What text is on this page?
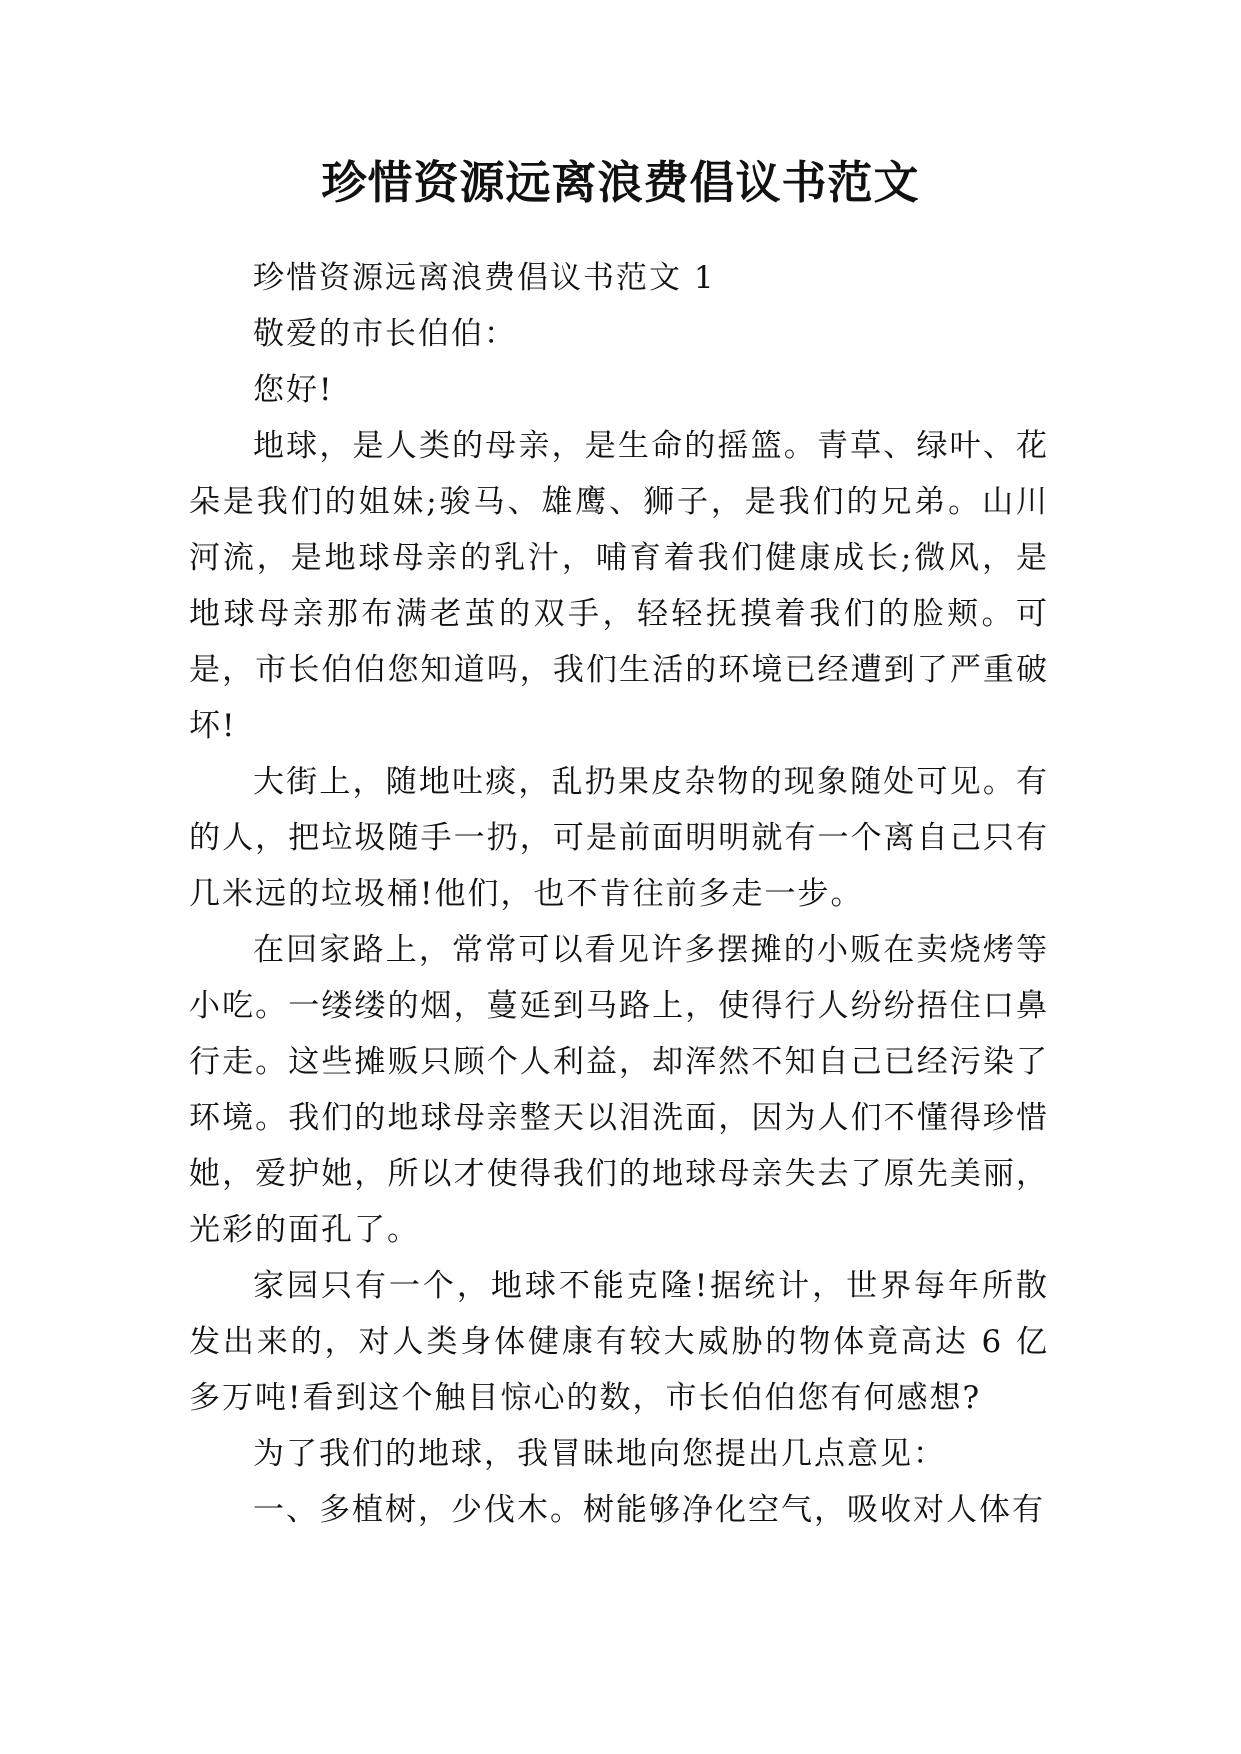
珍惜资源远离浪费倡议书范文

珍惜资源远离浪费倡议书范文 1

敬爱的市长伯伯：

您好!

地球，是人类的母亲，是生命的摇篮。青草、绿叶、花朵是我们的姐妹;骏马、雄鹰、狮子，是我们的兄弟。山川河流，是地球母亲的乳汁，哺育着我们健康成长;微风，是地球母亲那布满老茧的双手，轻轻抚摸着我们的脸颊。可是，市长伯伯您知道吗，我们生活的环境已经遭到了严重破坏!

大街上，随地吐痰，乱扔果皮杂物的现象随处可见。有的人，把垃圾随手一扔，可是前面明明就有一个离自己只有几米远的垃圾桶!他们，也不肯往前多走一步。

在回家路上，常常可以看见许多摆摊的小贩在卖烧烤等小吃。一缕缕的烟，蔓延到马路上，使得行人纷纷捂住口鼻行走。这些摊贩只顾个人利益，却浑然不知自己已经污染了环境。我们的地球母亲整天以泪洗面，因为人们不懂得珍惜她，爱护她，所以才使得我们的地球母亲失去了原先美丽，光彩的面孔了。

家园只有一个，地球不能克隆!据统计，世界每年所散发出来的，对人类身体健康有较大威胁的物体竟高达 6 亿多万吨!看到这个触目惊心的数，市长伯伯您有何感想?

为了我们的地球，我冒昧地向您提出几点意见：

一、多植树，少伐木。树能够净化空气，吸收对人体有
